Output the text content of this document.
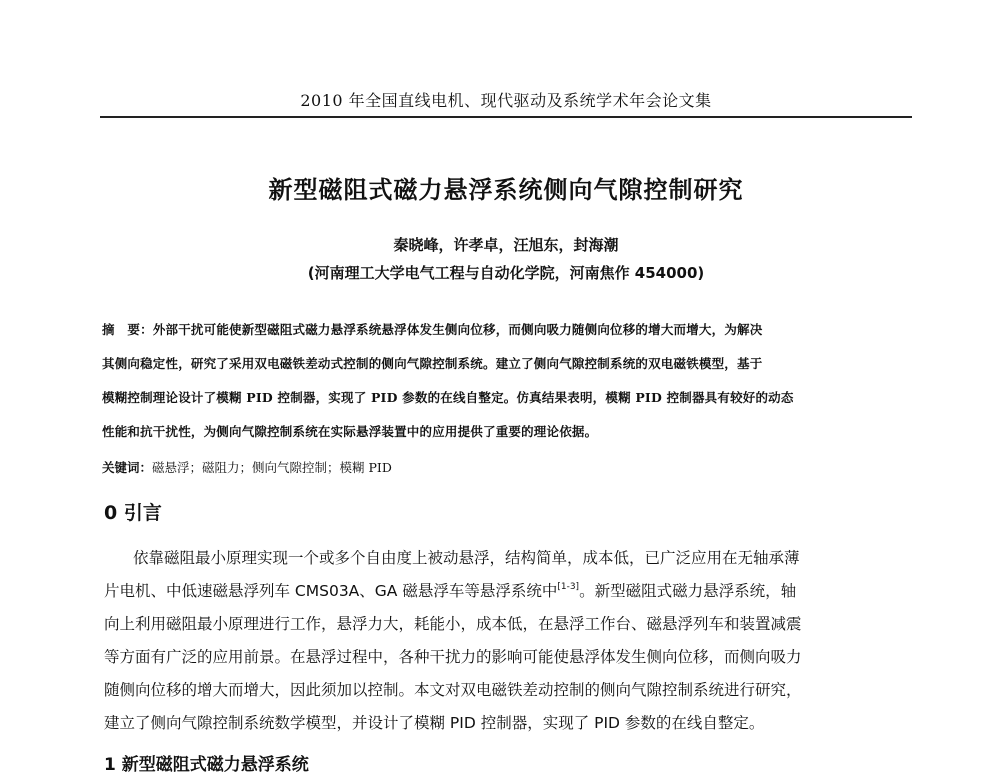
2010 年全国直线电机、现代驱动及系统学术年会论文集
新型磁阻式磁力悬浮系统侧向气隙控制研究
秦晓峰，许孝卓，汪旭东，封海潮
(河南理工大学电气工程与自动化学院，河南焦作 454000)
摘　要：外部干扰可能使新型磁阻式磁力悬浮系统悬浮体发生侧向位移，而侧向吸力随侧向位移的增大而增大，为解决
其侧向稳定性，研究了采用双电磁铁差动式控制的侧向气隙控制系统。建立了侧向气隙控制系统的双电磁铁模型，基于
模糊控制理论设计了模糊 PID 控制器，实现了 PID 参数的在线自整定。仿真结果表明，模糊 PID 控制器具有较好的动态
性能和抗干扰性，为侧向气隙控制系统在实际悬浮装置中的应用提供了重要的理论依据。
关键词：磁悬浮；磁阻力；侧向气隙控制；模糊 PID
0 引言
依靠磁阻最小原理实现一个或多个自由度上被动悬浮，结构简单，成本低，已广泛应用在无轴承薄
片电机、中低速磁悬浮列车 CMS03A、GA 磁悬浮车等悬浮系统中[1-3]。新型磁阻式磁力悬浮系统，轴
向上利用磁阻最小原理进行工作，悬浮力大，耗能小，成本低，在悬浮工作台、磁悬浮列车和装置减震
等方面有广泛的应用前景。在悬浮过程中，各种干扰力的影响可能使悬浮体发生侧向位移，而侧向吸力
随侧向位移的增大而增大，因此须加以控制。本文对双电磁铁差动控制的侧向气隙控制系统进行研究，
建立了侧向气隙控制系统数学模型，并设计了模糊 PID 控制器，实现了 PID 参数的在线自整定。
1 新型磁阻式磁力悬浮系统
